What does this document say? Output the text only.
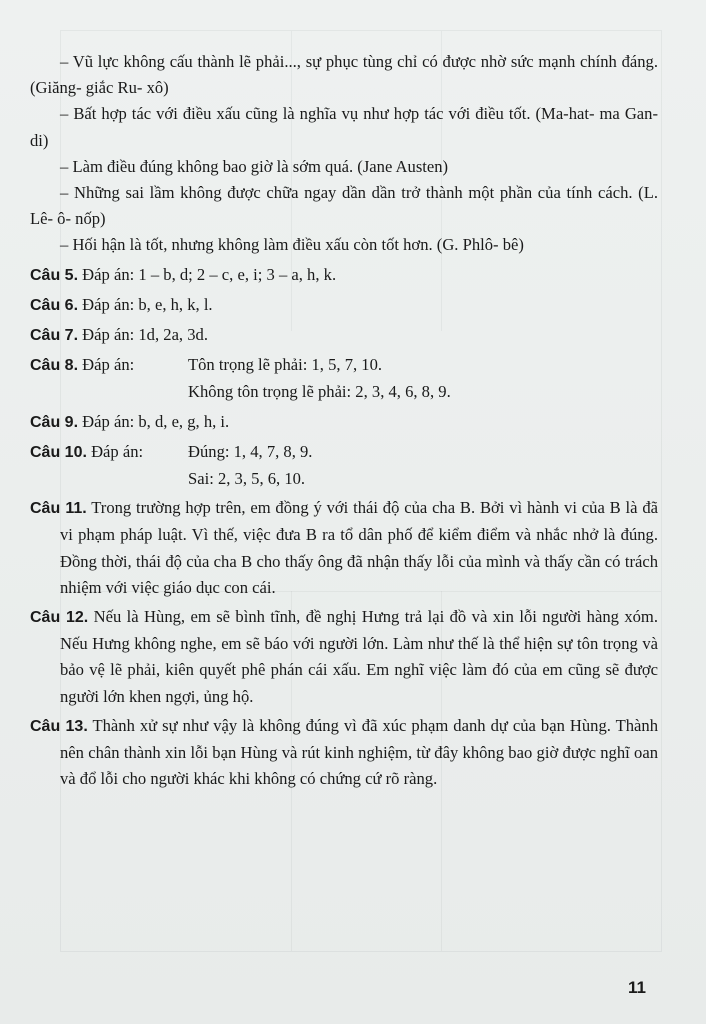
– Vũ lực không cấu thành lẽ phải..., sự phục tùng chỉ có được nhờ sức mạnh chính đáng. (Giăng- giắc Ru- xô)

– Bất hợp tác với điều xấu cũng là nghĩa vụ như hợp tác với điều tốt. (Ma-hat- ma Gan- di)

– Làm điều đúng không bao giờ là sớm quá. (Jane Austen)

– Những sai lầm không được chữa ngay dần dần trở thành một phần của tính cách. (L. Lê- ô- nốp)

– Hối hận là tốt, nhưng không làm điều xấu còn tốt hơn. (G. Phlô- bê)

Câu 5. Đáp án: 1 – b, d; 2 – c, e, i; 3 – a, h, k.

Câu 6. Đáp án: b, e, h, k, l.

Câu 7. Đáp án: 1d, 2a, 3d.

Câu 8. Đáp án:	Tôn trọng lẽ phải: 1, 5, 7, 10.
Không tôn trọng lẽ phải: 2, 3, 4, 6, 8, 9.

Câu 9. Đáp án: b, d, e, g, h, i.

Câu 10. Đáp án:	Đúng: 1, 4, 7, 8, 9.
Sai: 2, 3, 5, 6, 10.

Câu 11. Trong trường hợp trên, em đồng ý với thái độ của cha B. Bởi vì hành vi của B là đã vi phạm pháp luật. Vì thế, việc đưa B ra tổ dân phố để kiểm điểm và nhắc nhở là đúng. Đồng thời, thái độ của cha B cho thấy ông đã nhận thấy lỗi của mình và thấy cần có trách nhiệm với việc giáo dục con cái.

Câu 12. Nếu là Hùng, em sẽ bình tĩnh, đề nghị Hưng trả lại đồ và xin lỗi người hàng xóm. Nếu Hưng không nghe, em sẽ báo với người lớn. Làm như thế là thể hiện sự tôn trọng và bảo vệ lẽ phải, kiên quyết phê phán cái xấu. Em nghĩ việc làm đó của em cũng sẽ được người lớn khen ngợi, ủng hộ.

Câu 13. Thành xử sự như vậy là không đúng vì đã xúc phạm danh dự của bạn Hùng. Thành nên chân thành xin lỗi bạn Hùng và rút kinh nghiệm, từ đây không bao giờ được nghĩ oan và đổ lỗi cho người khác khi không có chứng cứ rõ ràng.

11
